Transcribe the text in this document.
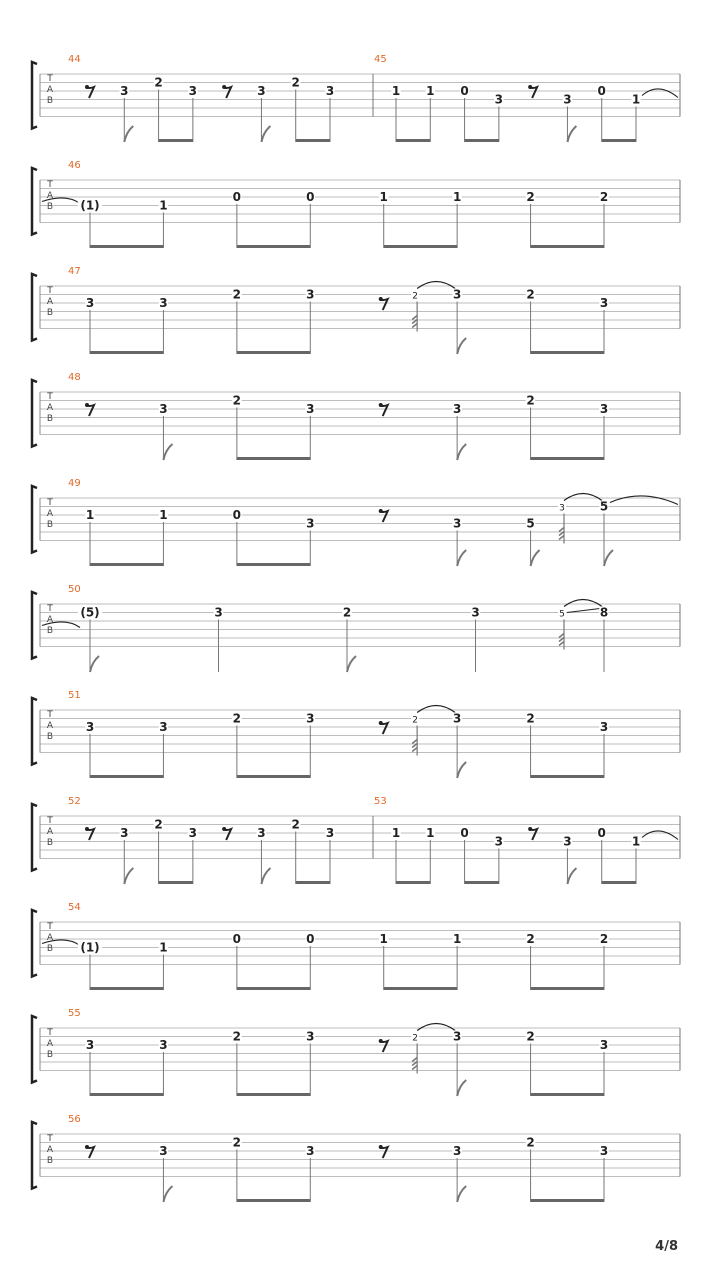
T
A
B
44
3
2
3	3
2
3
45
1 1 0
3	3
0
1
T
A
B
46
(1)	1
0	0	1	1	2	2
T
A
B
47
3	3
2	3	2	3	2
3
T
A
B
48
3
2
3	3
2
3
T
A
B
49
1	1	0
3	3	5
3	5
T
A
B
50
(5)	3	2	3	5	8
T
A
B
51
3	3
2	3	2	3	2
3
T
A
B
52
3
2
3	3
2
3
53
1 1 0
3	3
0
1
T
A
B
54
(1)	1
0	0	1	1	2	2
T
A
B
55
3	3
2	3	2	3	2
3
T
A
B
56
3
2
3	3
2
3
4/8
